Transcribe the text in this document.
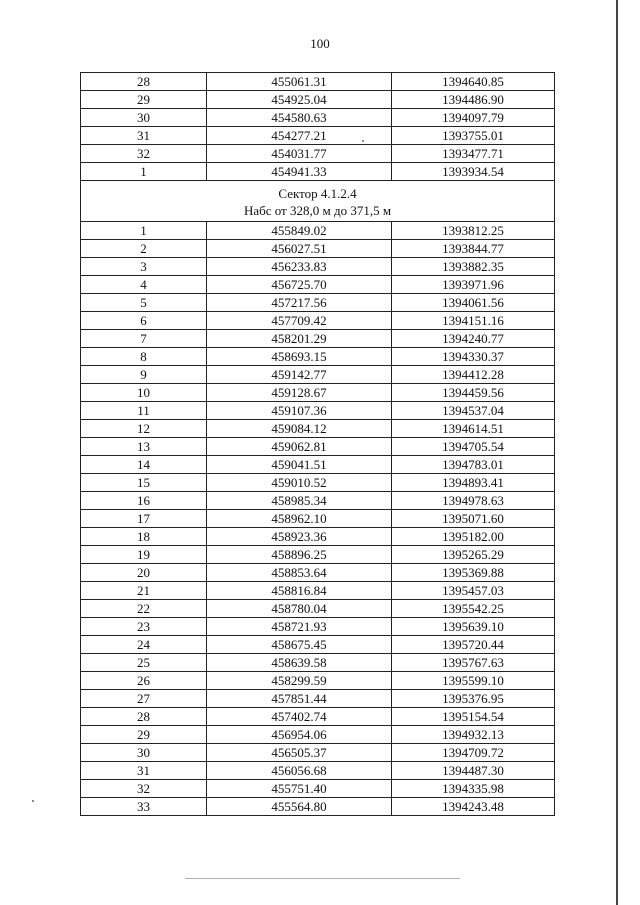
100
28	455061.31	1394640.85
29	454925.04	1394486.90
30	454580.63	1394097.79
31	454277.21	1393755.01
32	454031.77	1393477.71
1	454941.33	1393934.54

Сектор 4.1.2.4
Набс от 328,0 м до 371,5 м		

1	455849.02	1393812.25
2	456027.51	1393844.77
3	456233.83	1393882.35
4	456725.70	1393971.96
5	457217.56	1394061.56
6	457709.42	1394151.16
7	458201.29	1394240.77
8	458693.15	1394330.37
9	459142.77	1394412.28
10	459128.67	1394459.56
11	459107.36	1394537.04
12	459084.12	1394614.51
13	459062.81	1394705.54
14	459041.51	1394783.01
15	459010.52	1394893.41
16	458985.34	1394978.63
17	458962.10	1395071.60
18	458923.36	1395182.00
19	458896.25	1395265.29
20	458853.64	1395369.88
21	458816.84	1395457.03
22	458780.04	1395542.25
23	458721.93	1395639.10
24	458675.45	1395720.44
25	458639.58	1395767.63
26	458299.59	1395599.10
27	457851.44	1395376.95
28	457402.74	1395154.54
29	456954.06	1394932.13
30	456505.37	1394709.72
31	456056.68	1394487.30
32	455751.40	1394335.98
33	455564.80	1394243.48
